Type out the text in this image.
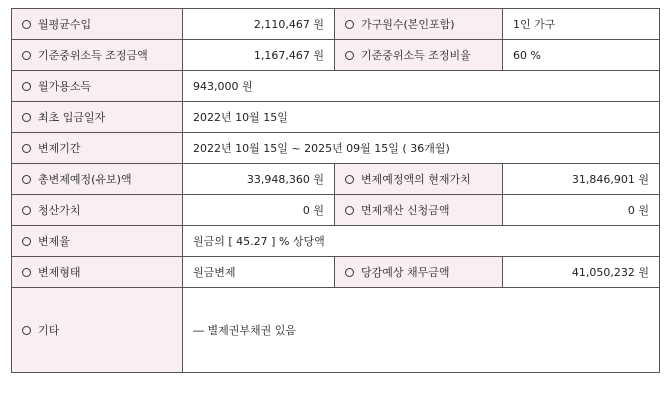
월평균수입	2,110,467 원	가구원수(본인포함)	1인 가구
기준중위소득 조정금액	1,167,467 원	기준중위소득 조정비율	60 %
월가용소득	943,000 원		
최초 입금일자	2022년 10월 15일		
변제기간	2022년 10월 15일 ~ 2025년 09월 15일 ( 36개월)		
총변제예정(유보)액	33,948,360 원	변제예정액의 현재가치	31,846,901 원
청산가치	0 원	면제재산 신청금액	0 원
변제율	원금의 [ 45.27 ] % 상당액		
변제형태	원금변제	당감예상 채무금액	41,050,232 원
기타	― 별제권부채권 있음		
